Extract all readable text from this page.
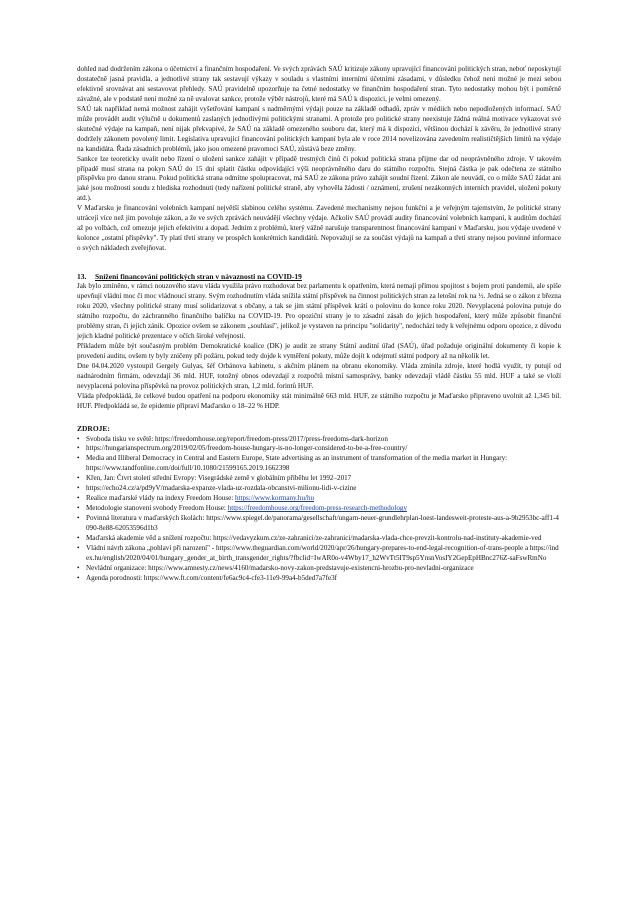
dohled nad dodržením zákona o účetnictví a finančním hospodaření. Ve svých zprávách SAÚ kritizuje zákony upravující financování politických stran, neboť neposkytují dostatečně jasná pravidla, a jednotlivé strany tak sestavují výkazy v souladu s vlastními interními účetními zásadami, v důsledku čehož není možné je mezi sebou efektivně srovnávat ani sestavovat přehledy. SAÚ pravidelně upozorňuje na četné nedostatky ve finančním hospodaření stran. Tyto nedostatky mohou být i poměrně závažné, ale v podstatě není možné za ně uvalovat sankce, protože výběr nástrojů, které má SAÚ k dispozici, je velmi omezený.

SAÚ tak například nemá možnost zahájit vyšetřování kampaní s nadměrnými výdaji pouze na základě odhadů, zpráv v médiích nebo nepodložených informací. SAÚ může provádět audit výlučně u dokumentů zaslaných jednotlivými politickými stranami. A protože pro politické strany neexistuje žádná reálná motivace vykazovat své skutečné výdaje na kampaň, není nijak překvapivé, že SAÚ na základě omezeného souboru dat, který má k dispozici, většinou dochází k závěru, že jednotlivé strany dodržely zákonem povolený limit. Legislativa upravující financování politických kampaní byla ale v roce 2014 novelizována zavedením realističtějších limitů na výdaje na kandidáta. Řada zásadních problémů, jako jsou omezené pravomoci SAÚ, zůstává beze změny.

Sankce lze teoreticky uvalit nebo řízení o uložení sankce zahájit v případě trestných činů či pokud politická strana přijme dar od neoprávněného zdroje. V takovém případě musí strana na pokyn SAÚ do 15 dní splatit částku odpovídající výši neoprávněného daru do státního rozpočtu. Stejná částka je pak odečtena ze státního příspěvku pro danou stranu. Pokud politická strana odmítne spolupracovat, má SAÚ ze zákona právo zahájit soudní řízení. Zákon ale neuvádí, co o může SAÚ žádat ani jaké jsou možnosti soudu z hlediska rozhodnutí (tedy nařízení politické straně, aby vyhověla žádosti / oznámení, zrušení nezákonných interních pravidel, uložení pokuty atd.).

V Maďarsku je financování volebních kampaní největší slabinou celého systému. Zavedené mechanismy nejsou funkční a je veřejným tajemstvím, že politické strany utrácejí více než jim povoluje zákon, a že ve svých zprávách neuvádějí všechny výdaje. Ačkoliv SAÚ provádí audity financování volebních kampaní, k auditům dochází až po volbách, což omezuje jejich efektivitu a dopad. Jedním z problémů, který vážně narušuje transparentnost financování kampaní v Maďarsku, jsou výdaje uvedené v koloncе „ostatní příspěvky". Ty platí třetí strany ve prospěch konkrétních kandidátů. Nepovažují se za součást výdajů na kampaň a třetí strany nejsou povinné informace o svých nákladech zveřejňovat.

13. Snížení financování politických stran v návaznosti na COVID-19

Jak bylo zmíněno, v rámci nouzového stavu vláda využila právo rozhodovat bez parlamentu k opatřením, která nemají přímou spojitost s bojem proti pandemii, ale spíše upevňují vládní moc či moc vládnoucí strany. Svým rozhodnutím vláda snížila státní příspěvek na činnost politických stran za letošní rok na ½. Jedná se o zákon z března roku 2020, všechny politické strany musí solidarizovat s občany, a tak se jim státní příspěvek krátí o polovinu do konce roku 2020. Nevyplacená polovina putuje do státního rozpočtu, do záchranného finančního balíčku na COVID-19. Pro opoziční strany je to zásadní zásah do jejich hospodaření, který může způsobit finanční problémy stran, či jejich zánik. Opozice ovšem se zákonem „souhlasí", jelikož je vystaven na principu "solidarity", nedochází tedy k veřejnému odporu opozice, z důvodu jejich kladné politické prezentace v očích široké veřejnosti.

Příkladem může být současným problém Demokratické koalice (DK) je audit ze strany Státní auditní úřad (SAÚ), úřad požaduje originální dokumenty či kopie k provedení auditu, ovšem ty byly zničeny při požáru, pokud tedy dojde k vyměření pokuty, může dojít k odejmutí státní podpory až na několik let.

Dne 04.04.2020 vystoupil Gergely Gulyas, šéf Orbánova kabinetu, s akčním plánem na obranu ekonomiky. Vláda zmínila zdroje, které hodlá využít, ty putují od nadnárodním firmám, odevzdají 36 mld. HUF, totožný obnos odevzdají z rozpočtů místní samosprávy, banky odevzdají vládě částku 55 mld. HUF a také se vloží nevyplacená polovina příspěvků na provoz politických stran, 1,2 mld. forintů HUF.

Vláda předpokládá, že celkové budou opatření na podporu ekonomiky stát minimálně 663 mld. HUF, ze státního rozpočtu je Maďarsko připraveno uvolnit až 1,345 bil. HUF. Předpokládá se, že epidemie připraví Maďarsko o 18–22 % HDP.

ZDROJE:
• Svoboda tisku ve světě: https://freedomhouse.org/report/freedom-press/2017/press-freedoms-dark-horizon
• https://hungarianspectrum.org/2019/02/05/freedom-house-hungary-is-no-longer-considered-to-be-a-free-country/
• Media and Illiberal Democracy in Central and Eastern Europe, State advertising as an instrument of transformation of the media market in Hungary: https://www.tandfonline.com/doi/full/10.1080/21599165.2019.1662398
• Křen, Jan: Čtvrt století střední Evropy: Visegrádské země v globálním příběhu let 1992–2017
• https://echo24.cz/a/pd9yV/madarska-expanze-vlada-uz-rozdala-obcanstvi-milionu-lidi-v-cizine
• Realice maďarské vlády na indexy Freedom House: https://www.kormany.hu/hu
• Metodologie stanovení svobody Freedom House: https://freedomhouse.org/freedom-press-research-methodology
• Povinná literatura v maďarských školách: https://www.spiegel.de/panorama/gesellschaft/ungarn-neuer-grundlehrplan-loest-landesweit-proteste-aus-a-9b2953bc-aff1-4090-8e88-62053596d1b3
• Maďarská akademie věd a snížení rozpočtu: https://vedavyzkum.cz/ze-zahranici/ze-zahranici/madarska-vlada-chce-prevzit-kontrolu-nad-instituty-akademie-ved
• Vládní návrh zákona „pohlaví při narození" - https://www.theguardian.com/world/2020/apr/26/hungary-prepares-to-end-legal-recognition-of-trans-people a https://index.hu/english/2020/04/01/hungary_gender_at_birth_transgender_rights/?fbclid=IwAR0o-v4Wby17_h2WvTt5IT9sp5YnsnVosIY2GepEpHBnc276Z-saFswRmNo
• Nevládní organizace: https://www.amnesty.cz/news/4160/madarsko-novy-zakon-predstavuje-existencni-hrozbu-pro-nevladni-organizace
• Agenda porodnosti: https://www.ft.com/content/fe6ac9c4-cfe3-11e9-99a4-b5ded7a7fe3f
